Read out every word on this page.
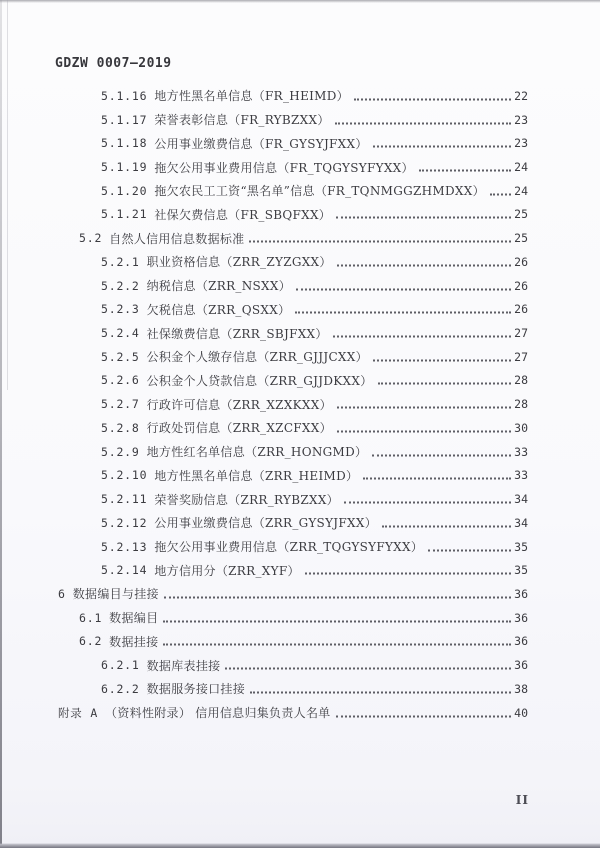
GDZW 0007—2019
5.1.16 地方性黑名单信息（FR_HEIMD）	22
5.1.17 荣誉表彰信息（FR_RYBZXX）	23
5.1.18 公用事业缴费信息（FR_GYSYJFXX）	23
5.1.19 拖欠公用事业费用信息（FR_TQGYSYFYXX）	24
5.1.20 拖欠农民工工资“黑名单”信息（FR_TQNMGGZHMDXX）	24
5.1.21 社保欠费信息（FR_SBQFXX）	25
5.2 自然人信用信息数据标准	25
5.2.1 职业资格信息（ZRR_ZYZGXX）	26
5.2.2 纳税信息（ZRR_NSXX）	26
5.2.3 欠税信息（ZRR_QSXX）	26
5.2.4 社保缴费信息（ZRR_SBJFXX）	27
5.2.5 公积金个人缴存信息（ZRR_GJJJCXX）	27
5.2.6 公积金个人贷款信息（ZRR_GJJDKXX）	28
5.2.7 行政许可信息（ZRR_XZXKXX）	28
5.2.8 行政处罚信息（ZRR_XZCFXX）	30
5.2.9 地方性红名单信息（ZRR_HONGMD）	33
5.2.10 地方性黑名单信息（ZRR_HEIMD）	33
5.2.11 荣誉奖励信息（ZRR_RYBZXX）	34
5.2.12 公用事业缴费信息（ZRR_GYSYJFXX）	34
5.2.13 拖欠公用事业费用信息（ZRR_TQGYSYFYXX）	35
5.2.14 地方信用分（ZRR_XYF）	35
6 数据编目与挂接	36
6.1 数据编目	36
6.2 数据挂接	36
6.2.1 数据库表挂接	36
6.2.2 数据服务接口挂接	38
附录 A （资料性附录） 信用信息归集负责人名单	40
II
